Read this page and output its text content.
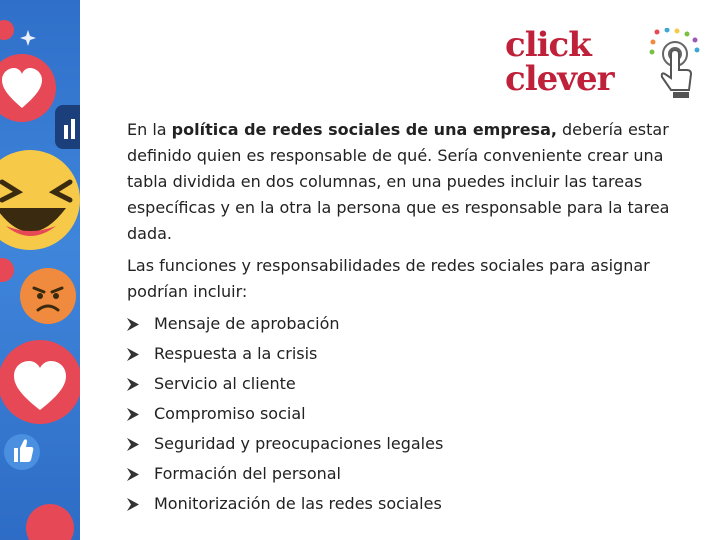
click
clever

En la política de redes sociales de una empresa, debería estar definido quien es responsable de qué. Sería conveniente crear una tabla dividida en dos columnas, en una puedes incluir las tareas específicas y en la otra la persona que es responsable para la tarea dada.

Las funciones y responsabilidades de redes sociales para asignar podrían incluir:

Mensaje de aprobación
Respuesta a la crisis
Servicio al cliente
Compromiso social
Seguridad y preocupaciones legales
Formación del personal
Monitorización de las redes sociales
